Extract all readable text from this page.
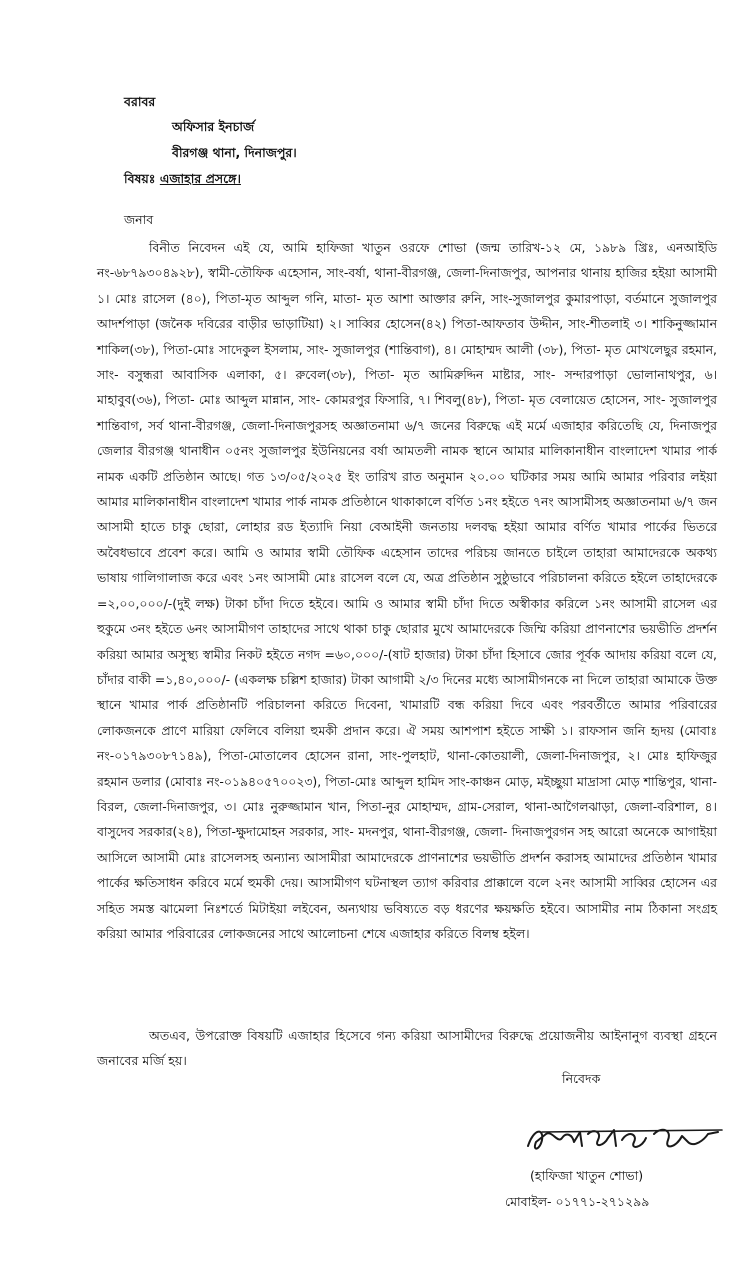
বরাবর
অফিসার ইনচার্জ
বীরগঞ্জ থানা, দিনাজপুর।
বিষয়ঃ এজাহার প্রসঙ্গে।
জনাব
বিনীত নিবেদন এই যে, আমি হাফিজা খাতুন ওরফে শোভা (জন্ম তারিখ-১২ মে, ১৯৮৯ খ্রিঃ, এনআইডি নং-৬৮৭৯৩০৪৯২৮), স্বামী-তৌফিক এহেসান, সাং-বর্ষা, থানা-বীরগঞ্জ, জেলা-দিনাজপুর, আপনার থানায় হাজির হইয়া আসামী ১। মোঃ রাসেল (৪০), পিতা-মৃত আব্দুল গনি, মাতা- মৃত আশা আক্তার রুনি, সাং-সুজালপুর কুমারপাড়া, বর্তমানে সুজালপুর আদর্শপাড়া (জনৈক দবিরের বাড়ীর ভাড়াটিয়া) ২। সাব্বির হোসেন(৪২) পিতা-আফতাব উদ্দীন, সাং-শীতলাই ৩। শাকিনুজ্জামান শাকিল(৩৮), পিতা-মোঃ সাদেকুল ইসলাম, সাং- সুজালপুর (শান্তিবাগ), ৪। মোহাম্মদ আলী (৩৮), পিতা- মৃত মোখলেছুর রহমান, সাং- বসুন্ধরা আবাসিক এলাকা, ৫। রুবেল(৩৮), পিতা- মৃত আমিরুদ্দিন মাষ্টার, সাং- সন্দারপাড়া ভোলানাথপুর, ৬। মাহাবুব(৩৬), পিতা- মোঃ আব্দুল মান্নান, সাং- কোমরপুর ফিসারি, ৭। শিবলু(৪৮), পিতা- মৃত বেলায়েত হোসেন, সাং- সুজালপুর শান্তিবাগ, সর্ব থানা-বীরগঞ্জ, জেলা-দিনাজপুরসহ অজ্ঞাতনামা ৬/৭ জনের বিরুদ্ধে এই মর্মে এজাহার করিতেছি যে, দিনাজপুর জেলার বীরগঞ্জ থানাধীন ০৫নং সুজালপুর ইউনিয়নের বর্ষা আমতলী নামক স্থানে আমার মালিকানাধীন বাংলাদেশ খামার পার্ক নামক একটি প্রতিষ্ঠান আছে। গত ১৩/০৫/২০২৫ ইং তারিখ রাত অনুমান ২০.০০ ঘটিকার সময় আমি আমার পরিবার লইয়া আমার মালিকানাধীন বাংলাদেশ খামার পার্ক নামক প্রতিষ্ঠানে থাকাকালে বর্ণিত ১নং হইতে ৭নং আসামীসহ অজ্ঞাতনামা ৬/৭ জন আসামী হাতে চাকু ছোরা, লোহার রড ইত্যাদি নিয়া বেআইনী জনতায় দলবদ্ধ হইয়া আমার বর্ণিত খামার পার্কের ভিতরে অবৈধভাবে প্রবেশ করে। আমি ও আমার স্বামী তৌফিক এহেসান তাদের পরিচয় জানতে চাইলে তাহারা আমাদেরকে অকথ্য ভাষায় গালিগালাজ করে এবং ১নং আসামী মোঃ রাসেল বলে যে, অত্র প্রতিষ্ঠান সুষ্ঠুভাবে পরিচালনা করিতে হইলে তাহাদেরকে =২,০০,০০০/-(দুই লক্ষ) টাকা চাঁদা দিতে হইবে। আমি ও আমার স্বামী চাঁদা দিতে অস্বীকার করিলে ১নং আসামী রাসেল এর হুকুমে ৩নং হইতে ৬নং আসামীগণ তাহাদের সাথে থাকা চাকু ছোরার মুখে আমাদেরকে জিম্মি করিয়া প্রাণনাশের ভয়ভীতি প্রদর্শন করিয়া আমার অসুস্থ্য স্বামীর নিকট হইতে নগদ =৬০,০০০/-(ষাট হাজার) টাকা চাঁদা হিসাবে জোর পূর্বক আদায় করিয়া বলে যে, চাঁদার বাকী =১,৪০,০০০/- (একলক্ষ চল্লিশ হাজার) টাকা আগামী ২/৩ দিনের মধ্যে আসামীগনকে না দিলে তাহারা আমাকে উক্ত স্থানে খামার পার্ক প্রতিষ্ঠানটি পরিচালনা করিতে দিবেনা, খামারটি বন্ধ করিয়া দিবে এবং পরবর্তীতে আমার পরিবারের লোকজনকে প্রাণে মারিয়া ফেলিবে বলিয়া হুমকী প্রদান করে। ঐ সময় আশপাশ হইতে সাক্ষী ১। রাফসান জনি হৃদয় (মোবাঃ নং-০১৭৯৩০৮৭১৪৯), পিতা-মোতালেব হোসেন রানা, সাং-পুলহাট, থানা-কোতয়ালী, জেলা-দিনাজপুর, ২। মোঃ হাফিজুর রহমান ডলার (মোবাঃ নং-০১৯৪০৫৭০০২৩), পিতা-মোঃ আব্দুল হামিদ সাং-কাঞ্চন মোড়, মইচ্ছুয়া মাদ্রাসা মোড় শান্তিপুর, থানা-বিরল, জেলা-দিনাজপুর, ৩। মোঃ নুরুজ্জামান খান, পিতা-নুর মোহাম্মদ, গ্রাম-সেরাল, থানা-আগৈলঝাড়া, জেলা-বরিশাল, ৪। বাসুদেব সরকার(২৪), পিতা-ক্ষুদামোহন সরকার, সাং- মদনপুর, থানা-বীরগঞ্জ, জেলা- দিনাজপুরগন সহ আরো অনেকে আগাইয়া আসিলে আসামী মোঃ রাসেলসহ অন্যান্য আসামীরা আমাদেরকে প্রাণনাশের ভয়ভীতি প্রদর্শন করাসহ আমাদের প্রতিষ্ঠান খামার পার্কের ক্ষতিসাধন করিবে মর্মে হুমকী দেয়। আসামীগণ ঘটনাস্থল ত্যাগ করিবার প্রাক্কালে বলে ২নং আসামী সাব্বির হোসেন এর সহিত সমস্ত ঝামেলা নিঃশর্তে মিটাইয়া লইবেন, অন্যথায় ভবিষ্যতে বড় ধরণের ক্ষয়ক্ষতি হইবে। আসামীর নাম ঠিকানা সংগ্রহ করিয়া আমার পরিবারের লোকজনের সাথে আলোচনা শেষে এজাহার করিতে বিলম্ব হইল।
অতএব, উপরোক্ত বিষয়টি এজাহার হিসেবে গন্য করিয়া আসামীদের বিরুদ্ধে প্রয়োজনীয় আইনানুগ ব্যবস্থা গ্রহনে জনাবের মর্জি হয়।
নিবেদক
(হাফিজা খাতুন শোভা)
মোবাইল- ০১৭৭১-২৭১২৯৯
